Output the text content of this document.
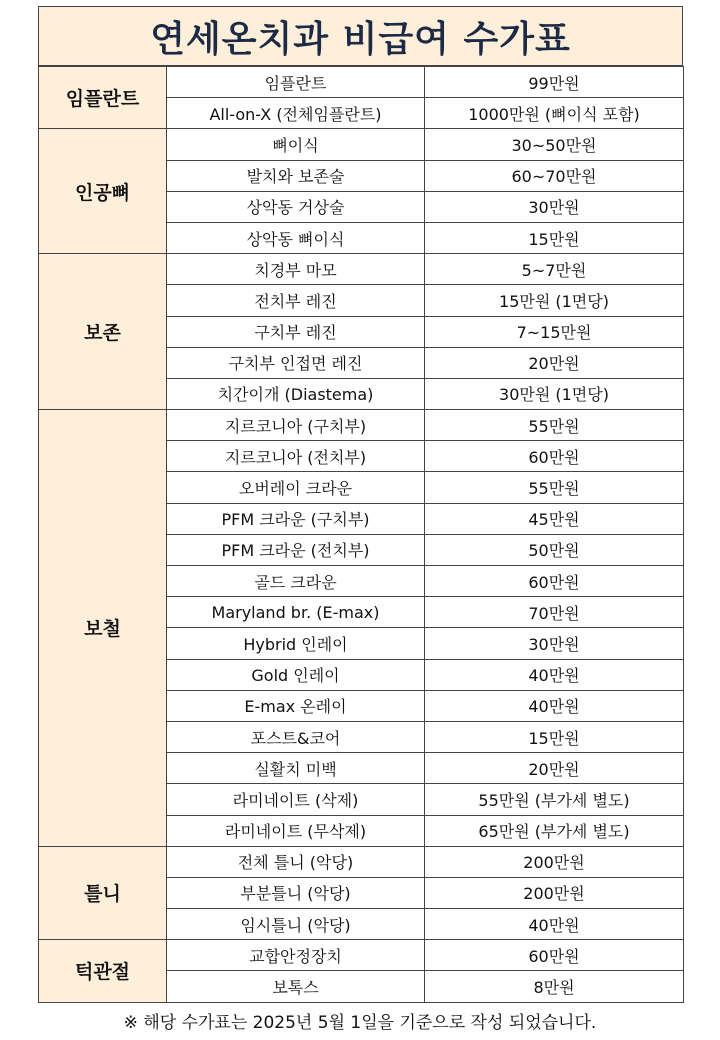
연세온치과 비급여 수가표
임플란트	임플란트	99만원
	All-on-X (전체임플란트)	1000만원 (뼈이식 포함)
인공뼈	뼈이식	30~50만원
	발치와 보존술	60~70만원
	상악동 거상술	30만원
	상악동 뼈이식	15만원
보존	치경부 마모	5~7만원
	전치부 레진	15만원 (1면당)
	구치부 레진	7~15만원
	구치부 인접면 레진	20만원
	치간이개 (Diastema)	30만원 (1면당)
보철	지르코니아 (구치부)	55만원
	지르코니아 (전치부)	60만원
	오버레이 크라운	55만원
	PFM 크라운 (구치부)	45만원
	PFM 크라운 (전치부)	50만원
	골드 크라운	60만원
	Maryland br. (E-max)	70만원
	Hybrid 인레이	30만원
	Gold 인레이	40만원
	E-max 온레이	40만원
	포스트&코어	15만원
	실활치 미백	20만원
	라미네이트 (삭제)	55만원 (부가세 별도)
	라미네이트 (무삭제)	65만원 (부가세 별도)
틀니	전체 틀니 (악당)	200만원
	부분틀니 (악당)	200만원
	임시틀니 (악당)	40만원
턱관절	교합안정장치	60만원
	보톡스	8만원
※ 해당 수가표는 2025년 5월 1일을 기준으로 작성 되었습니다.
